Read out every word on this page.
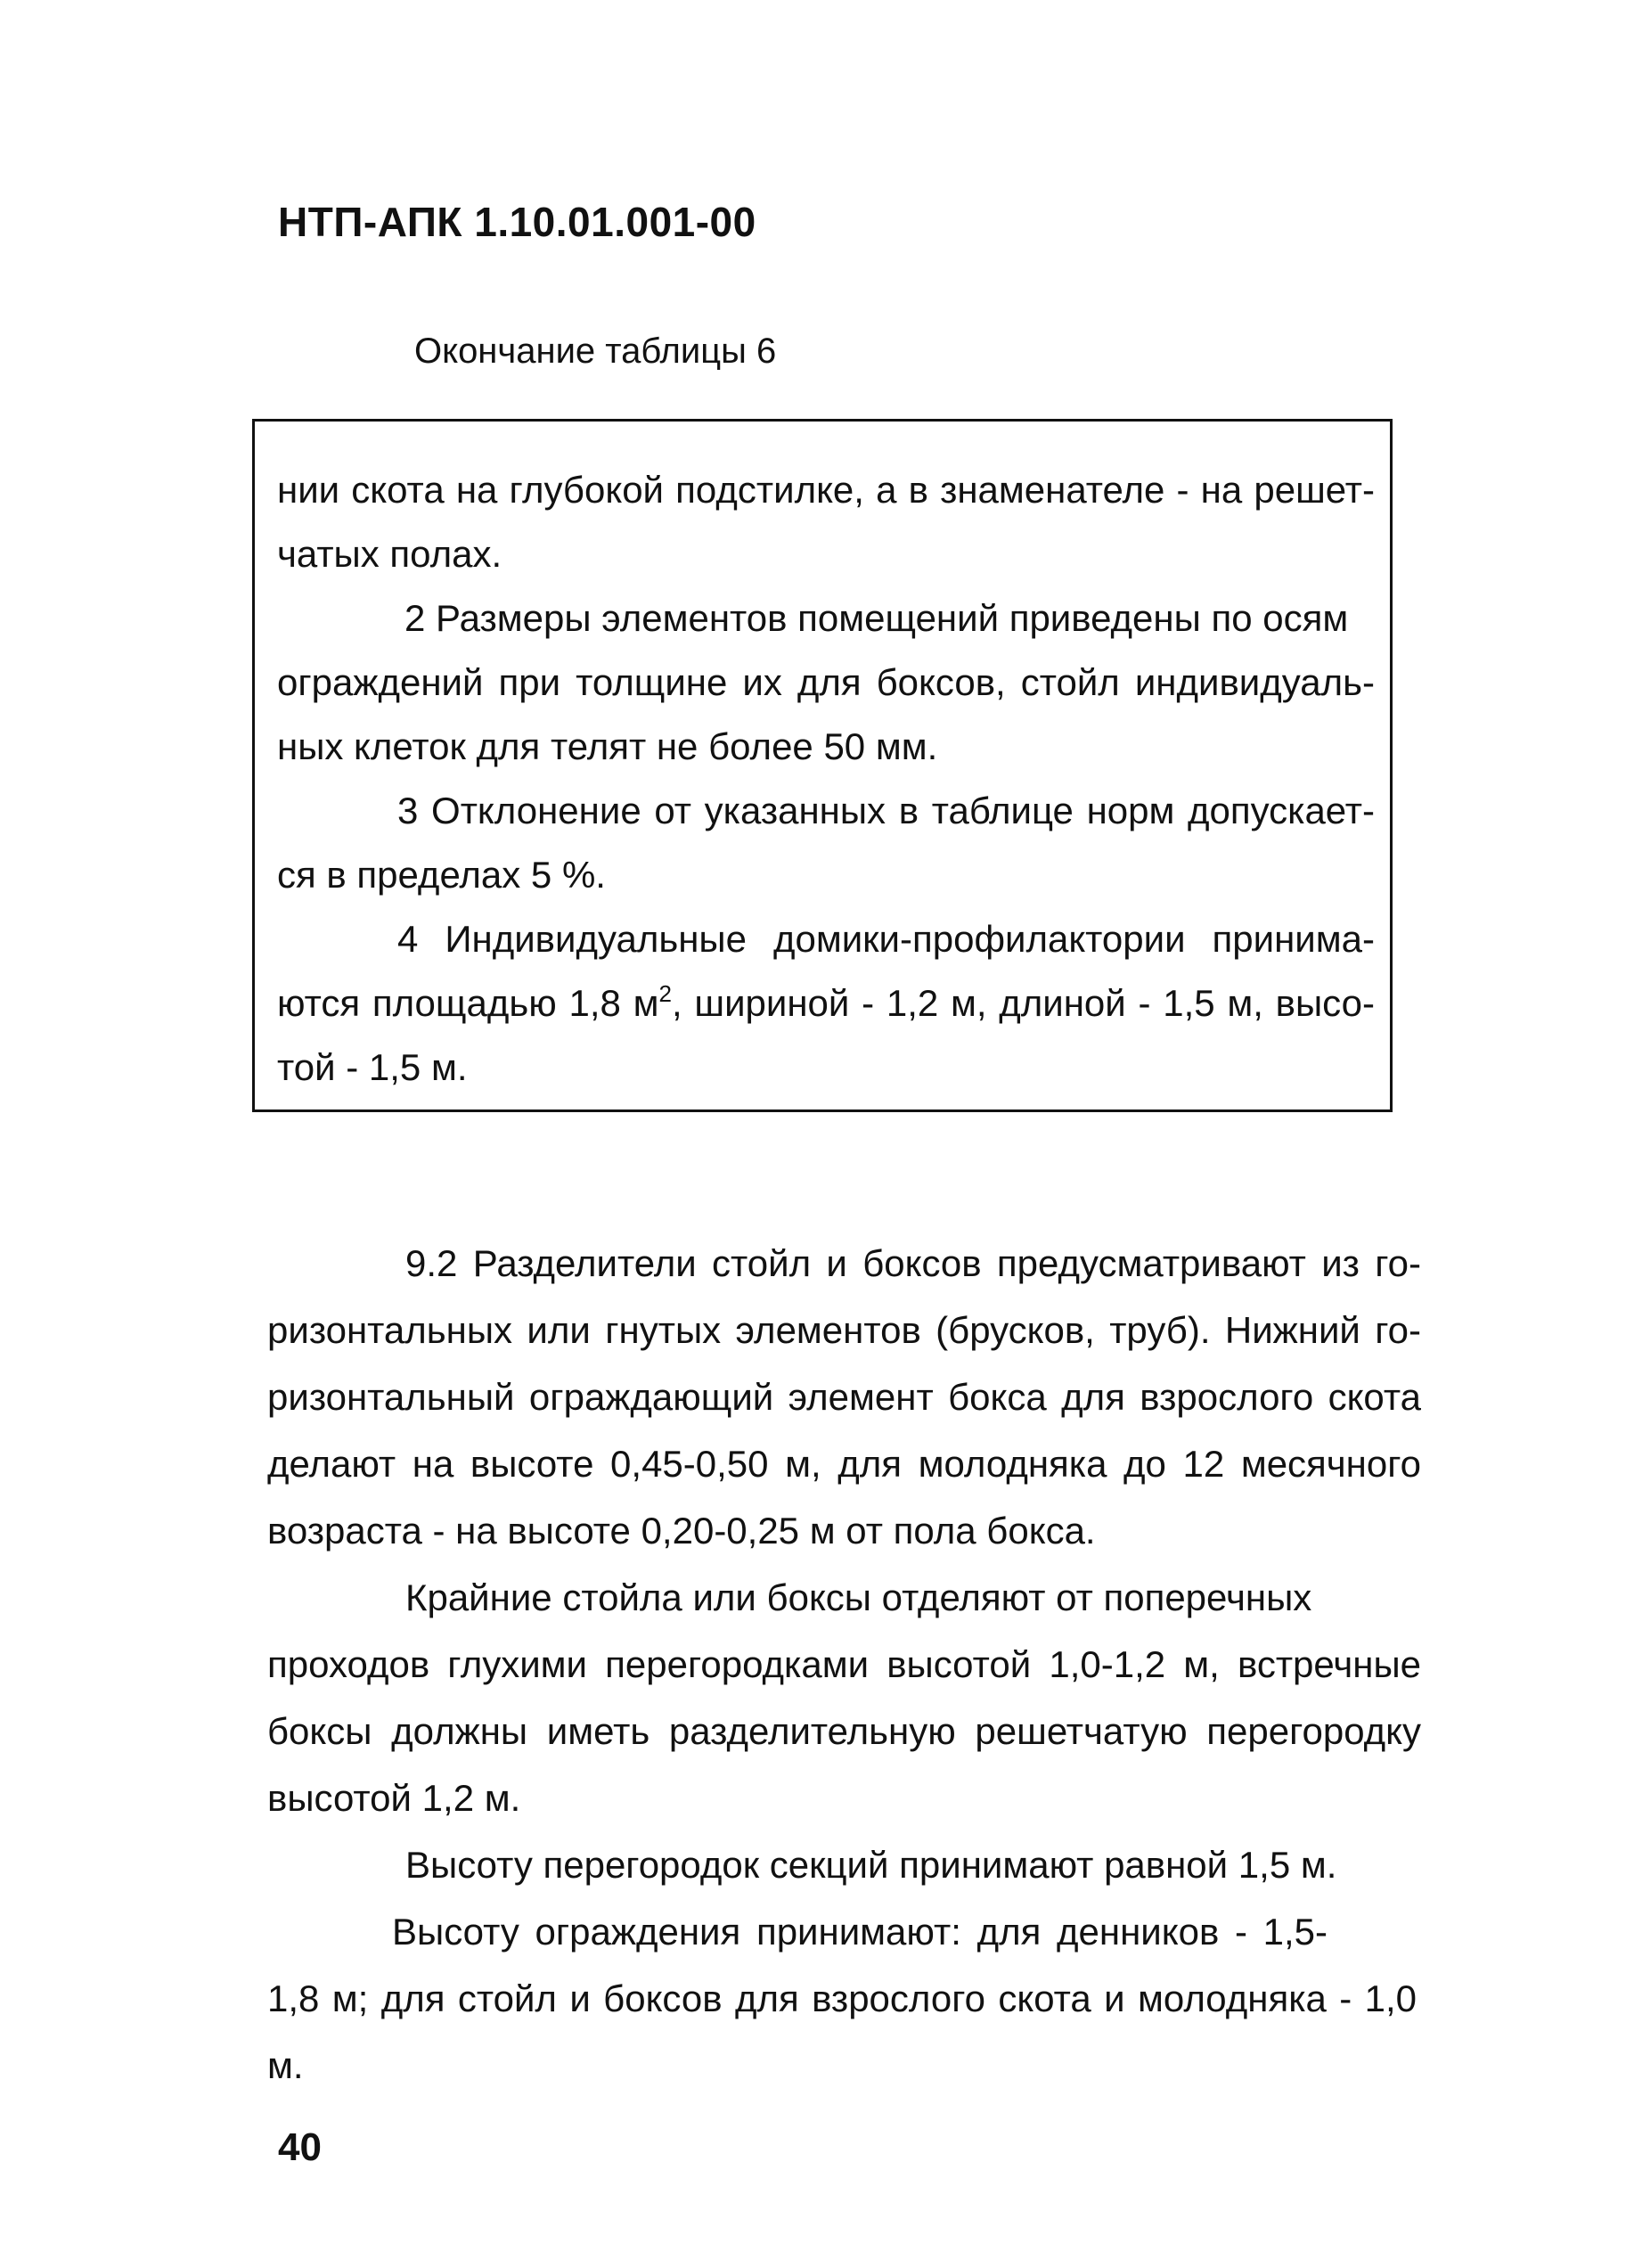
НТП-АПК 1.10.01.001-00
Окончание таблицы 6
нии скота на глубокой подстилке, а в знаменателе - на решет-
чатых полах.
2 Размеры элементов помещений приведены по осям
ограждений при толщине их для боксов, стойл индивидуаль-
ных клеток для телят не более 50 мм.
3 Отклонение от указанных в таблице норм допускает-
ся в пределах 5 %.
4 Индивидуальные домики-профилактории принима-
ются площадью 1,8 $м^2$, шириной - 1,2 м, длиной - 1,5 м, высо-
той - 1,5 м.
9.2 Разделители стойл и боксов предусматривают из го-
ризонтальных или гнутых элементов (брусков, труб). Нижний го-
ризонтальный ограждающий элемент бокса для взрослого скота
делают на высоте 0,45-0,50 м, для молодняка до 12 месячного
возраста - на высоте 0,20-0,25 м от пола бокса.
Крайние стойла или боксы отделяют от поперечных
проходов глухими перегородками высотой 1,0-1,2 м, встречные
боксы должны иметь разделительную решетчатую перегородку
высотой 1,2 м.
Высоту перегородок секций принимают равной 1,5 м.
Высоту ограждения принимают: для денников - 1,5-
1,8 м; для стойл и боксов для взрослого скота и молодняка - 1,0
м.
40
